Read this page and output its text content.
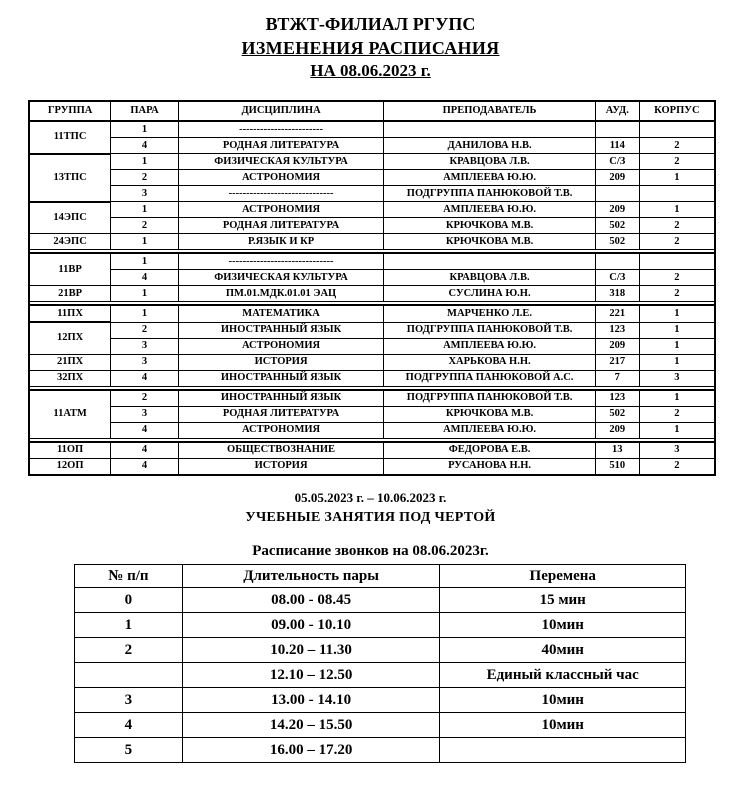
ВТЖТ-ФИЛИАЛ РГУПС
ИЗМЕНЕНИЯ РАСПИСАНИЯ
НА 08.06.2023 г.
ГРУППА	ПАРА	ДИСЦИПЛИНА	ПРЕПОДАВАТЕЛЬ	АУД.	КОРПУС
11ТПС	1	------------------------			
	4	РОДНАЯ ЛИТЕРАТУРА	ДАНИЛОВА Н.В.	114	2
13ТПС	1	ФИЗИЧЕСКАЯ КУЛЬТУРА	КРАВЦОВА Л.В.	С/З	2
	2	АСТРОНОМИЯ	АМПЛЕЕВА Ю.Ю.	209	1
	3	------------------------------	ПОДГРУППА ПАНЮКОВОЙ Т.В.		
14ЭПС	1	АСТРОНОМИЯ	АМПЛЕЕВА Ю.Ю.	209	1
	2	РОДНАЯ ЛИТЕРАТУРА	КРЮЧКОВА М.В.	502	2
24ЭПС	1	Р.ЯЗЫК И КР	КРЮЧКОВА М.В.	502	2

11ВР	1	------------------------------			
	4	ФИЗИЧЕСКАЯ КУЛЬТУРА	КРАВЦОВА Л.В.	С/З	2
21ВР	1	ПМ.01.МДК.01.01 ЭАЦ	СУСЛИНА Ю.Н.	318	2

11ПХ	1	МАТЕМАТИКА	МАРЧЕНКО Л.Е.	221	1
12ПХ	2	ИНОСТРАННЫЙ ЯЗЫК	ПОДГРУППА ПАНЮКОВОЙ Т.В.	123	1
	3	АСТРОНОМИЯ	АМПЛЕЕВА Ю.Ю.	209	1
21ПХ	3	ИСТОРИЯ	ХАРЬКОВА Н.Н.	217	1
32ПХ	4	ИНОСТРАННЫЙ ЯЗЫК	ПОДГРУППА ПАНЮКОВОЙ А.С.	7	3

11АТМ	2	ИНОСТРАННЫЙ ЯЗЫК	ПОДГРУППА ПАНЮКОВОЙ Т.В.	123	1
	3	РОДНАЯ ЛИТЕРАТУРА	КРЮЧКОВА М.В.	502	2
	4	АСТРОНОМИЯ	АМПЛЕЕВА Ю.Ю.	209	1

11ОП	4	ОБЩЕСТВОЗНАНИЕ	ФЕДОРОВА Е.В.	13	3
12ОП	4	ИСТОРИЯ	РУСАНОВА Н.Н.	510	2
05.05.2023 г. – 10.06.2023 г.
УЧЕБНЫЕ ЗАНЯТИЯ ПОД ЧЕРТОЙ
Расписание звонков на 08.06.2023г.
№ п/п	Длительность пары	Перемена
0	08.00 - 08.45	15 мин
1	09.00 - 10.10	10мин
2	10.20 – 11.30	40мин
	12.10 – 12.50	Единый классный час
3	13.00 - 14.10	10мин
4	14.20 – 15.50	10мин
5	16.00 – 17.20	
